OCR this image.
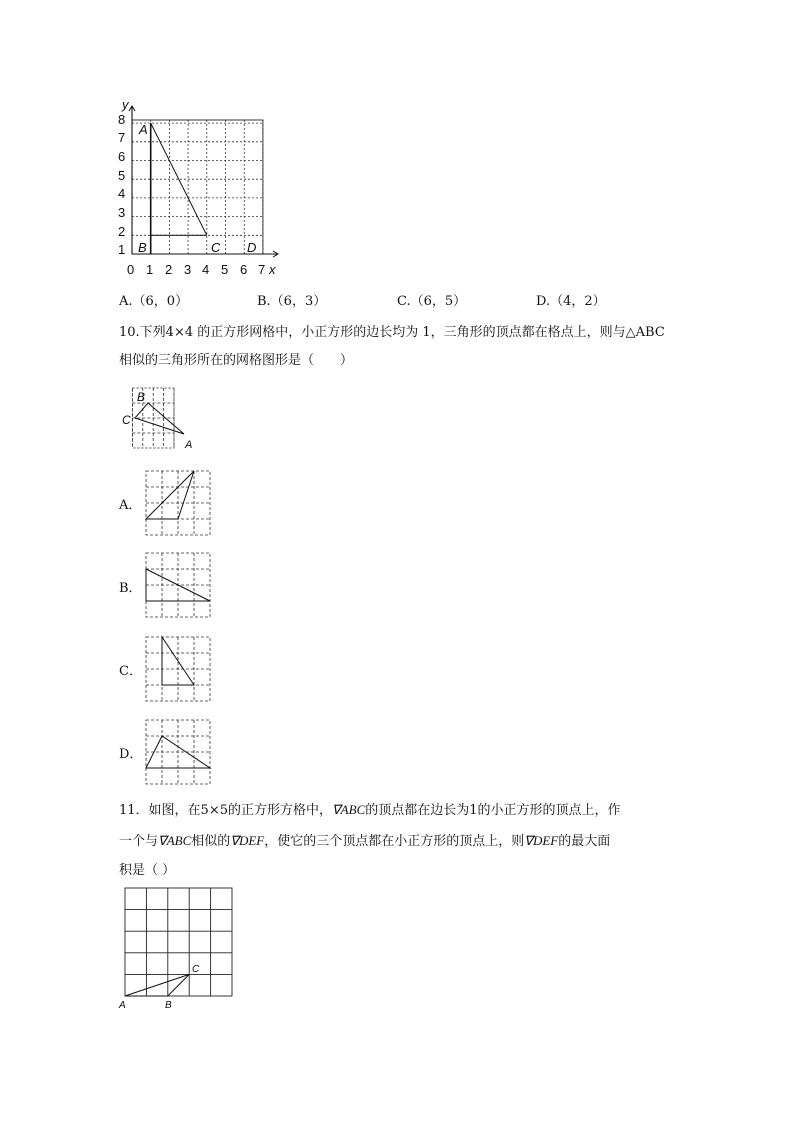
8
7
6
5
4
3
2
1
0 1 2 3 4 5 6 7
y
x
A
B	C D
A.（6，0）	B.（6，3）	C.（6，5）	D.（4，2）
10.下列4×4 的正方形网格中，小正方形的边长均为 1，三角形的顶点都在格点上，则与△ABC
相似的三角形所在的网格图形是（　　）
B
C
A
A．
B．
C．
D．
11．如图，在5×5的正方形方格中，∇ABC的顶点都在边长为1的小正方形的顶点上，作
一个与∇ABC相似的∇DEF，使它的三个顶点都在小正方形的顶点上，则∇DEF的最大面
积是（ ）
A	B
C
